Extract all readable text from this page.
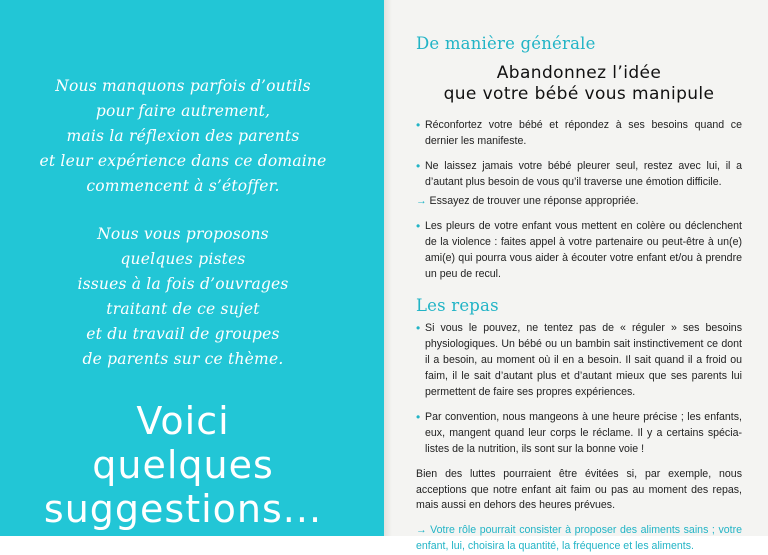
Nous manquons parfois d’outils
pour faire autrement,
mais la réflexion des parents
et leur expérience dans ce domaine
commencent à s’étoffer.

Nous vous proposons
quelques pistes
issues à la fois d’ouvrages
traitant de ce sujet
et du travail de groupes
de parents sur ce thème.

Voici
quelques
suggestions...
De manière générale
Abandonnez l’idée
que votre bébé vous manipule

• Réconfortez votre bébé et répondez à ses besoins quand ce dernier les manifeste.

• Ne laissez jamais votre bébé pleurer seul, restez avec lui, il a d’autant plus besoin de vous qu’il traverse une émotion difficile.

→ Essayez de trouver une réponse appropriée.

• Les pleurs de votre enfant vous mettent en colère ou déclenchent de la violence : faites appel à votre partenaire ou peut-être à un(e) ami(e) qui pourra vous aider à écouter votre enfant et/ou à prendre un peu de recul.

Les repas

• Si vous le pouvez, ne tentez pas de « réguler » ses besoins physiologiques. Un bébé ou un bambin sait instinctivement ce dont il a besoin, au moment où il en a besoin. Il sait quand il a froid ou faim, il le sait d’autant plus et d’autant mieux que ses parents lui permettent de faire ses propres expériences.

• Par convention, nous mangeons à une heure précise ; les enfants, eux, mangent quand leur corps le réclame. Il y a certains spécia-listes de la nutrition, ils sont sur la bonne voie !

Bien des luttes pourraient être évitées si, par exemple, nous acceptions que notre enfant ait faim ou pas au moment des repas, mais aussi en dehors des heures prévues.

→ Votre rôle pourrait consister à proposer des aliments sains ; votre enfant, lui, choisira la quantité, la fréquence et les aliments.
